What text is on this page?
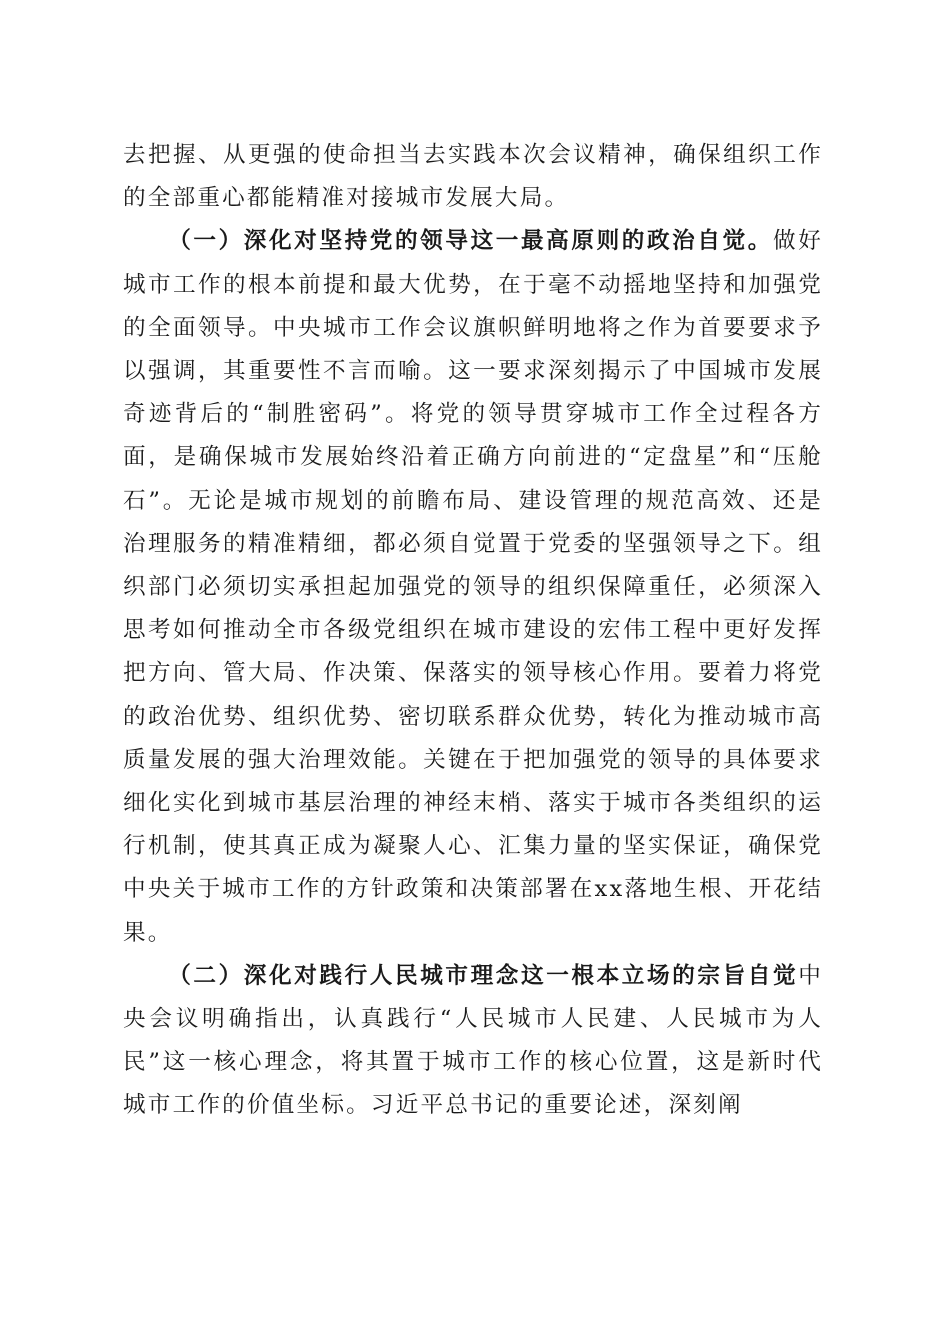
去把握、从更强的使命担当去实践本次会议精神，确保组织工作的全部重心都能精准对接城市发展大局。

（一）深化对坚持党的领导这一最高原则的政治自觉。做好城市工作的根本前提和最大优势，在于毫不动摇地坚持和加强党的全面领导。中央城市工作会议旗帜鲜明地将之作为首要要求予以强调，其重要性不言而喻。这一要求深刻揭示了中国城市发展奇迹背后的“制胜密码”。将党的领导贯穿城市工作全过程各方面，是确保城市发展始终沿着正确方向前进的“定盘星”和“压舱石”。无论是城市规划的前瞻布局、建设管理的规范高效、还是治理服务的精准精细，都必须自觉置于党委的坚强领导之下。组织部门必须切实承担起加强党的领导的组织保障重任，必须深入思考如何推动全市各级党组织在城市建设的宏伟工程中更好发挥把方向、管大局、作决策、保落实的领导核心作用。要着力将党的政治优势、组织优势、密切联系群众优势，转化为推动城市高质量发展的强大治理效能。关键在于把加强党的领导的具体要求细化实化到城市基层治理的神经末梢、落实于城市各类组织的运行机制，使其真正成为凝聚人心、汇集力量的坚实保证，确保党中央关于城市工作的方针政策和决策部署在xx落地生根、开花结果。

（二）深化对践行人民城市理念这一根本立场的宗旨自觉中央会议明确指出，认真践行“人民城市人民建、人民城市为人民”这一核心理念，将其置于城市工作的核心位置，这是新时代城市工作的价值坐标。习近平总书记的重要论述，深刻阐
